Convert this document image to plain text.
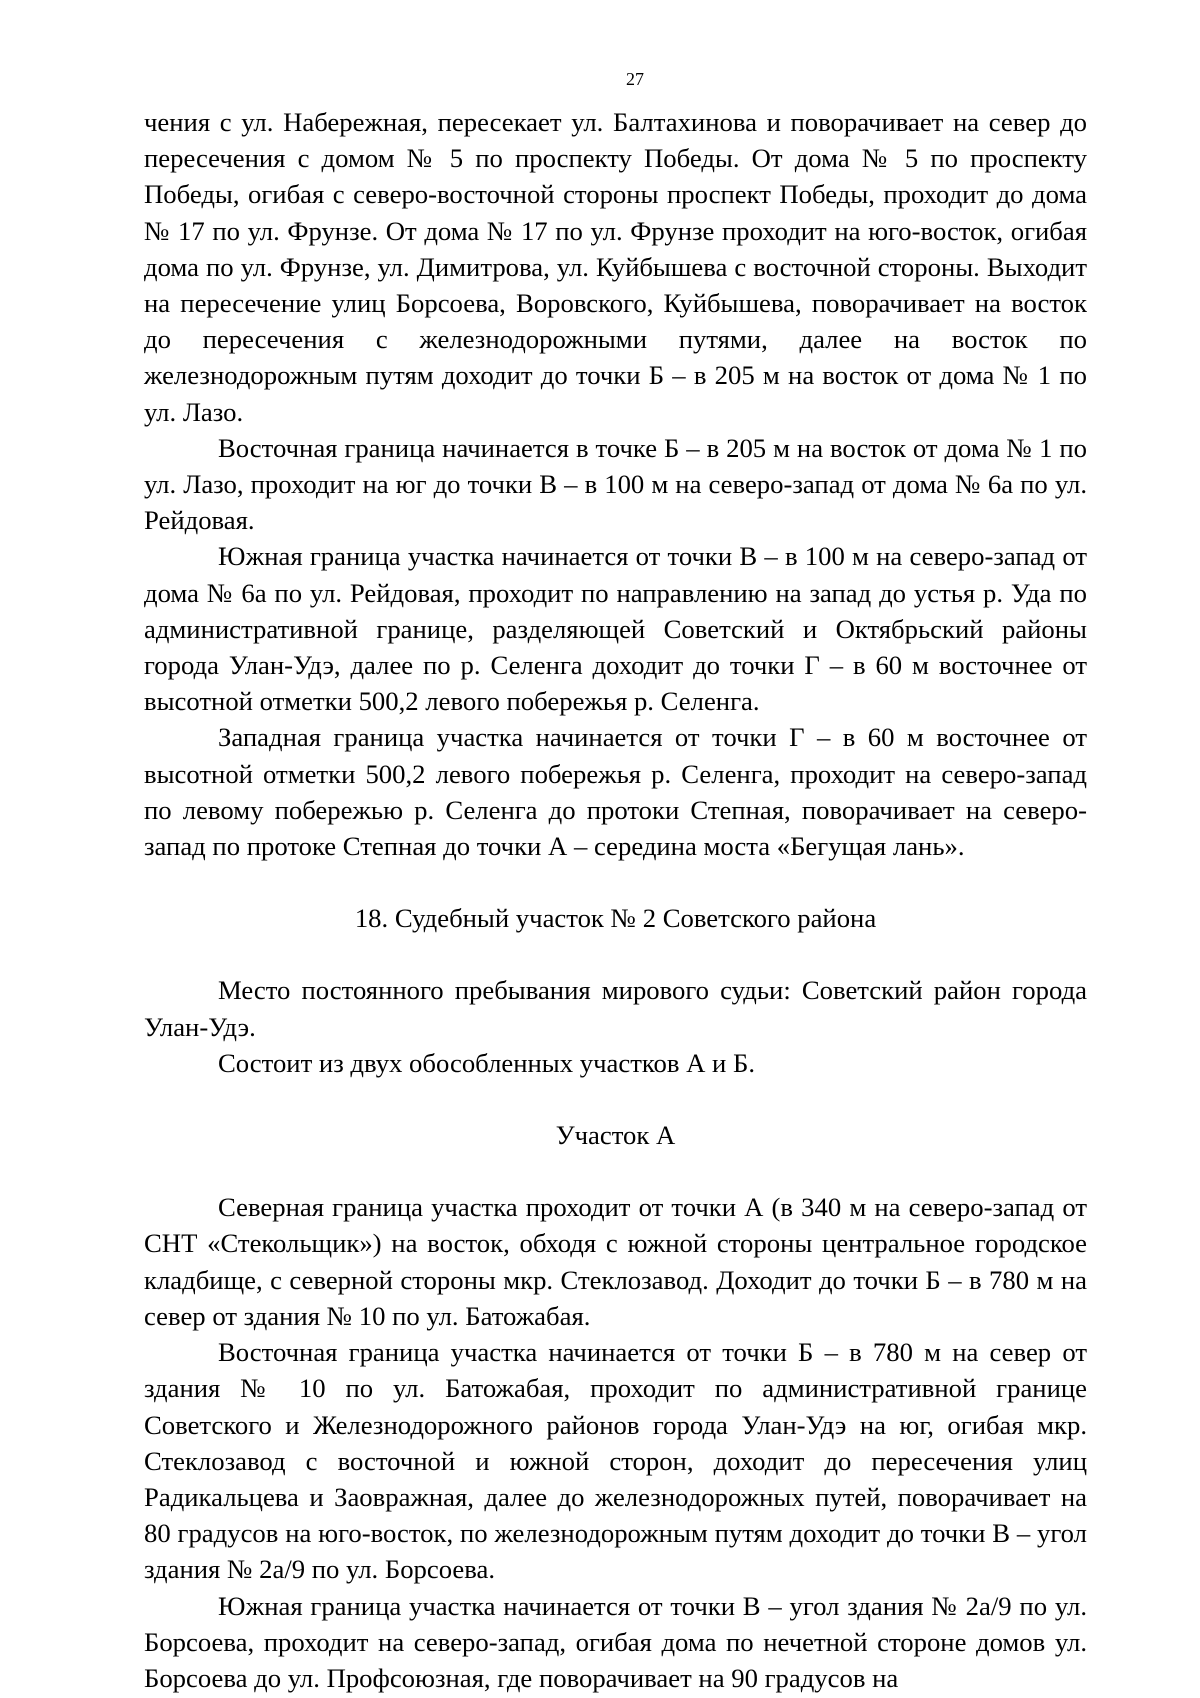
27

чения с ул. Набережная, пересекает ул. Балтахинова и поворачивает на север до пересечения с домом № 5 по проспекту Победы. От дома № 5 по проспекту Победы, огибая с северо-восточной стороны проспект Победы, проходит до дома № 17 по ул. Фрунзе. От дома № 17 по ул. Фрунзе проходит на юго-восток, огибая дома по ул. Фрунзе, ул. Димитрова, ул. Куйбышева с восточной стороны. Выходит на пересечение улиц Борсоева, Воровского, Куйбышева, поворачивает на восток до пересечения с железнодорожными путями, далее на восток по железнодорожным путям доходит до точки Б – в 205 м на восток от дома № 1 по ул. Лазо.

Восточная граница начинается в точке Б – в 205 м на восток от дома № 1 по ул. Лазо, проходит на юг до точки В – в 100 м на северо-запад от дома № 6а по ул. Рейдовая.

Южная граница участка начинается от точки В – в 100 м на северо-запад от дома № 6а по ул. Рейдовая, проходит по направлению на запад до устья р. Уда по административной границе, разделяющей Советский и Октябрьский районы города Улан-Удэ, далее по р. Селенга доходит до точки Г – в 60 м восточнее от высотной отметки 500,2 левого побережья р. Селенга.

Западная граница участка начинается от точки Г – в 60 м восточнее от высотной отметки 500,2 левого побережья р. Селенга, проходит на северо-запад по левому побережью р. Селенга до протоки Степная, поворачивает на северо-запад по протоке Степная до точки А – середина моста «Бегущая лань».

18. Судебный участок № 2 Советского района

Место постоянного пребывания мирового судьи: Советский район города Улан-Удэ.

Состоит из двух обособленных участков А и Б.

Участок А

Северная граница участка проходит от точки А (в 340 м на северо-запад от СНТ «Стекольщик») на восток, обходя с южной стороны центральное городское кладбище, с северной стороны мкр. Стеклозавод. Доходит до точки Б – в 780 м на север от здания № 10 по ул. Батожабая.

Восточная граница участка начинается от точки Б – в 780 м на север от здания № 10 по ул. Батожабая, проходит по административной границе Советского и Железнодорожного районов города Улан-Удэ на юг, огибая мкр. Стеклозавод с восточной и южной сторон, доходит до пересечения улиц Радикальцева и Заовражная, далее до железнодорожных путей, поворачивает на 80 градусов на юго-восток, по железнодорожным путям доходит до точки В – угол здания № 2а/9 по ул. Борсоева.

Южная граница участка начинается от точки В – угол здания № 2а/9 по ул. Борсоева, проходит на северо-запад, огибая дома по нечетной стороне домов ул. Борсоева до ул. Профсоюзная, где поворачивает на 90 градусов на
